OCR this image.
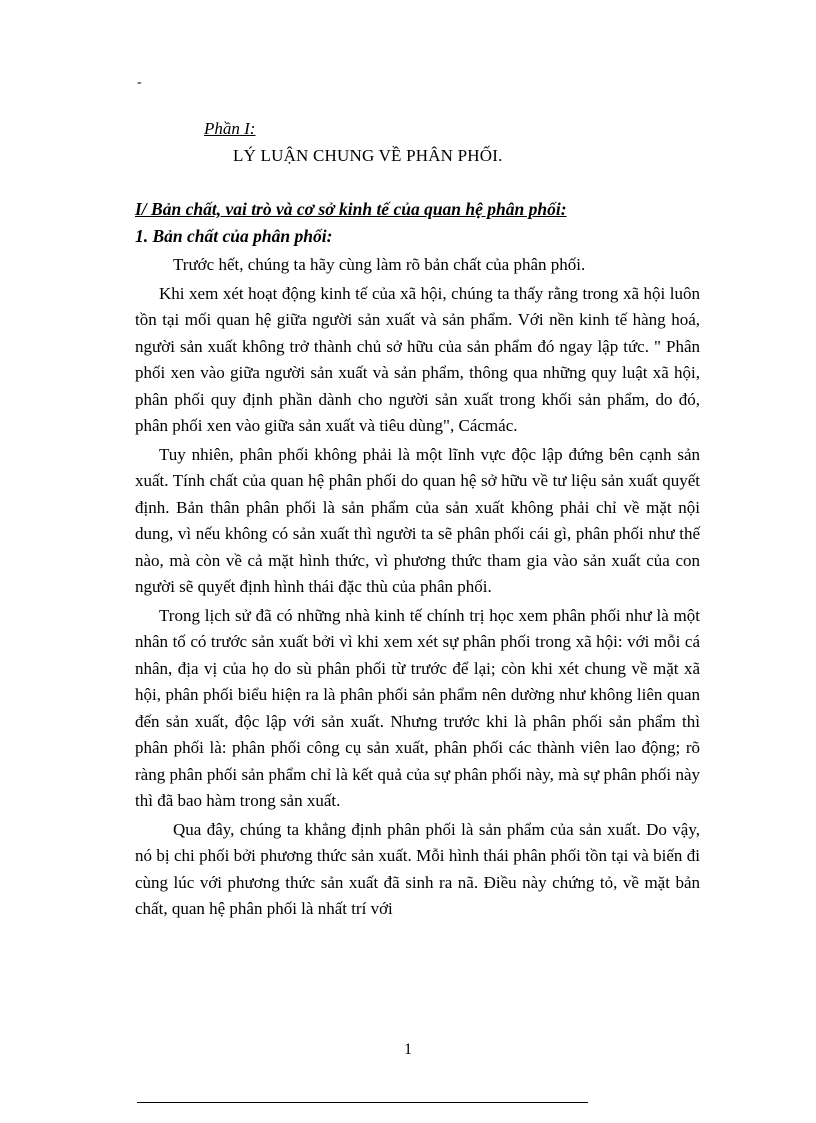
-
Phần I:
LÝ LUẬN CHUNG VỀ PHÂN PHỐI.
I/ Bản chất, vai trò và cơ sở kinh tế của quan hệ phân phối:
1. Bản chất của phân phối:

Trước hết, chúng ta hãy cùng làm rõ bản chất của phân phối.

Khi xem xét hoạt động kinh tế của xã hội, chúng ta thấy rằng trong xã hội luôn tồn tại mối quan hệ giữa người sản xuất và sản phẩm. Với nền kinh tế hàng hoá, người sản xuất không trở thành chủ sở hữu của sản phẩm đó ngay lập tức. " Phân phối xen vào giữa người sản xuất và sản phẩm, thông qua những quy luật xã hội, phân phối quy định phần dành cho người sản xuất trong khối sản phẩm, do đó, phân phối xen vào giữa sản xuất và tiêu dùng", Cácmác.

Tuy nhiên, phân phối không phải là một lĩnh vực độc lập đứng bên cạnh sản xuất. Tính chất của quan hệ phân phối do quan hệ sở hữu về tư liệu sản xuất quyết định. Bản thân phân phối là sản phẩm của sản xuất không phải chỉ về mặt nội dung, vì nếu không có sản xuất thì người ta sẽ phân phối cái gì, phân phối như thế nào, mà còn về cả mặt hình thức, vì phương thức tham gia vào sản xuất của con người sẽ quyết định hình thái đặc thù của phân phối.

Trong lịch sử đã có những nhà kinh tế chính trị học xem phân phối như là một nhân tố có trước sản xuất bởi vì khi xem xét sự phân phối trong xã hội: với mỗi cá nhân, địa vị của họ do sù phân phối từ trước để lại; còn khi xét chung về mặt xã hội, phân phối biểu hiện ra là phân phối sản phẩm nên dường như không liên quan đến sản xuất, độc lập với sản xuất. Nhưng trước khi là phân phối sản phẩm thì phân phối là: phân phối công cụ sản xuất, phân phối các thành viên lao động; rõ ràng phân phối sản phẩm chỉ là kết quả của sự phân phối này, mà sự phân phối này thì đã bao hàm trong sản xuất.

Qua đây, chúng ta khẳng định phân phối là sản phẩm của sản xuất. Do vậy, nó bị chi phối bởi phương thức sản xuất. Mỗi hình thái phân phối tồn tại và biến đi cùng lúc với phương thức sản xuất đã sinh ra nã. Điều này chứng tỏ, về mặt bản chất, quan hệ phân phối là nhất trí với

1
